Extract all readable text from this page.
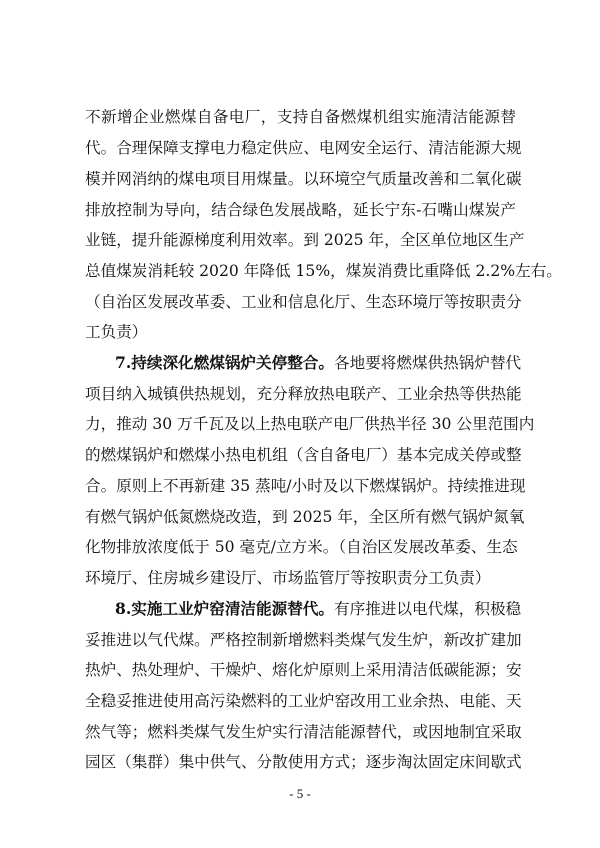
不新增企业燃煤自备电厂，支持自备燃煤机组实施清洁能源替
代。合理保障支撑电力稳定供应、电网安全运行、清洁能源大规
模并网消纳的煤电项目用煤量。以环境空气质量改善和二氧化碳
排放控制为导向，结合绿色发展战略，延长宁东-石嘴山煤炭产
业链，提升能源梯度利用效率。到 2025 年，全区单位地区生产
总值煤炭消耗较 2020 年降低 15%，煤炭消费比重降低 2.2%左右。
（自治区发展改革委、工业和信息化厅、生态环境厅等按职责分
工负责）
7.持续深化燃煤锅炉关停整合。各地要将燃煤供热锅炉替代
项目纳入城镇供热规划，充分释放热电联产、工业余热等供热能
力，推动 30 万千瓦及以上热电联产电厂供热半径 30 公里范围内
的燃煤锅炉和燃煤小热电机组（含自备电厂）基本完成关停或整
合。原则上不再新建 35 蒸吨/小时及以下燃煤锅炉。持续推进现
有燃气锅炉低氮燃烧改造，到 2025 年，全区所有燃气锅炉氮氧
化物排放浓度低于 50 毫克/立方米。（自治区发展改革委、生态
环境厅、住房城乡建设厅、市场监管厅等按职责分工负责）
8.实施工业炉窑清洁能源替代。有序推进以电代煤，积极稳
妥推进以气代煤。严格控制新增燃料类煤气发生炉，新改扩建加
热炉、热处理炉、干燥炉、熔化炉原则上采用清洁低碳能源；安
全稳妥推进使用高污染燃料的工业炉窑改用工业余热、电能、天
然气等；燃料类煤气发生炉实行清洁能源替代，或因地制宜采取
园区（集群）集中供气、分散使用方式；逐步淘汰固定床间歇式
- 5 -
